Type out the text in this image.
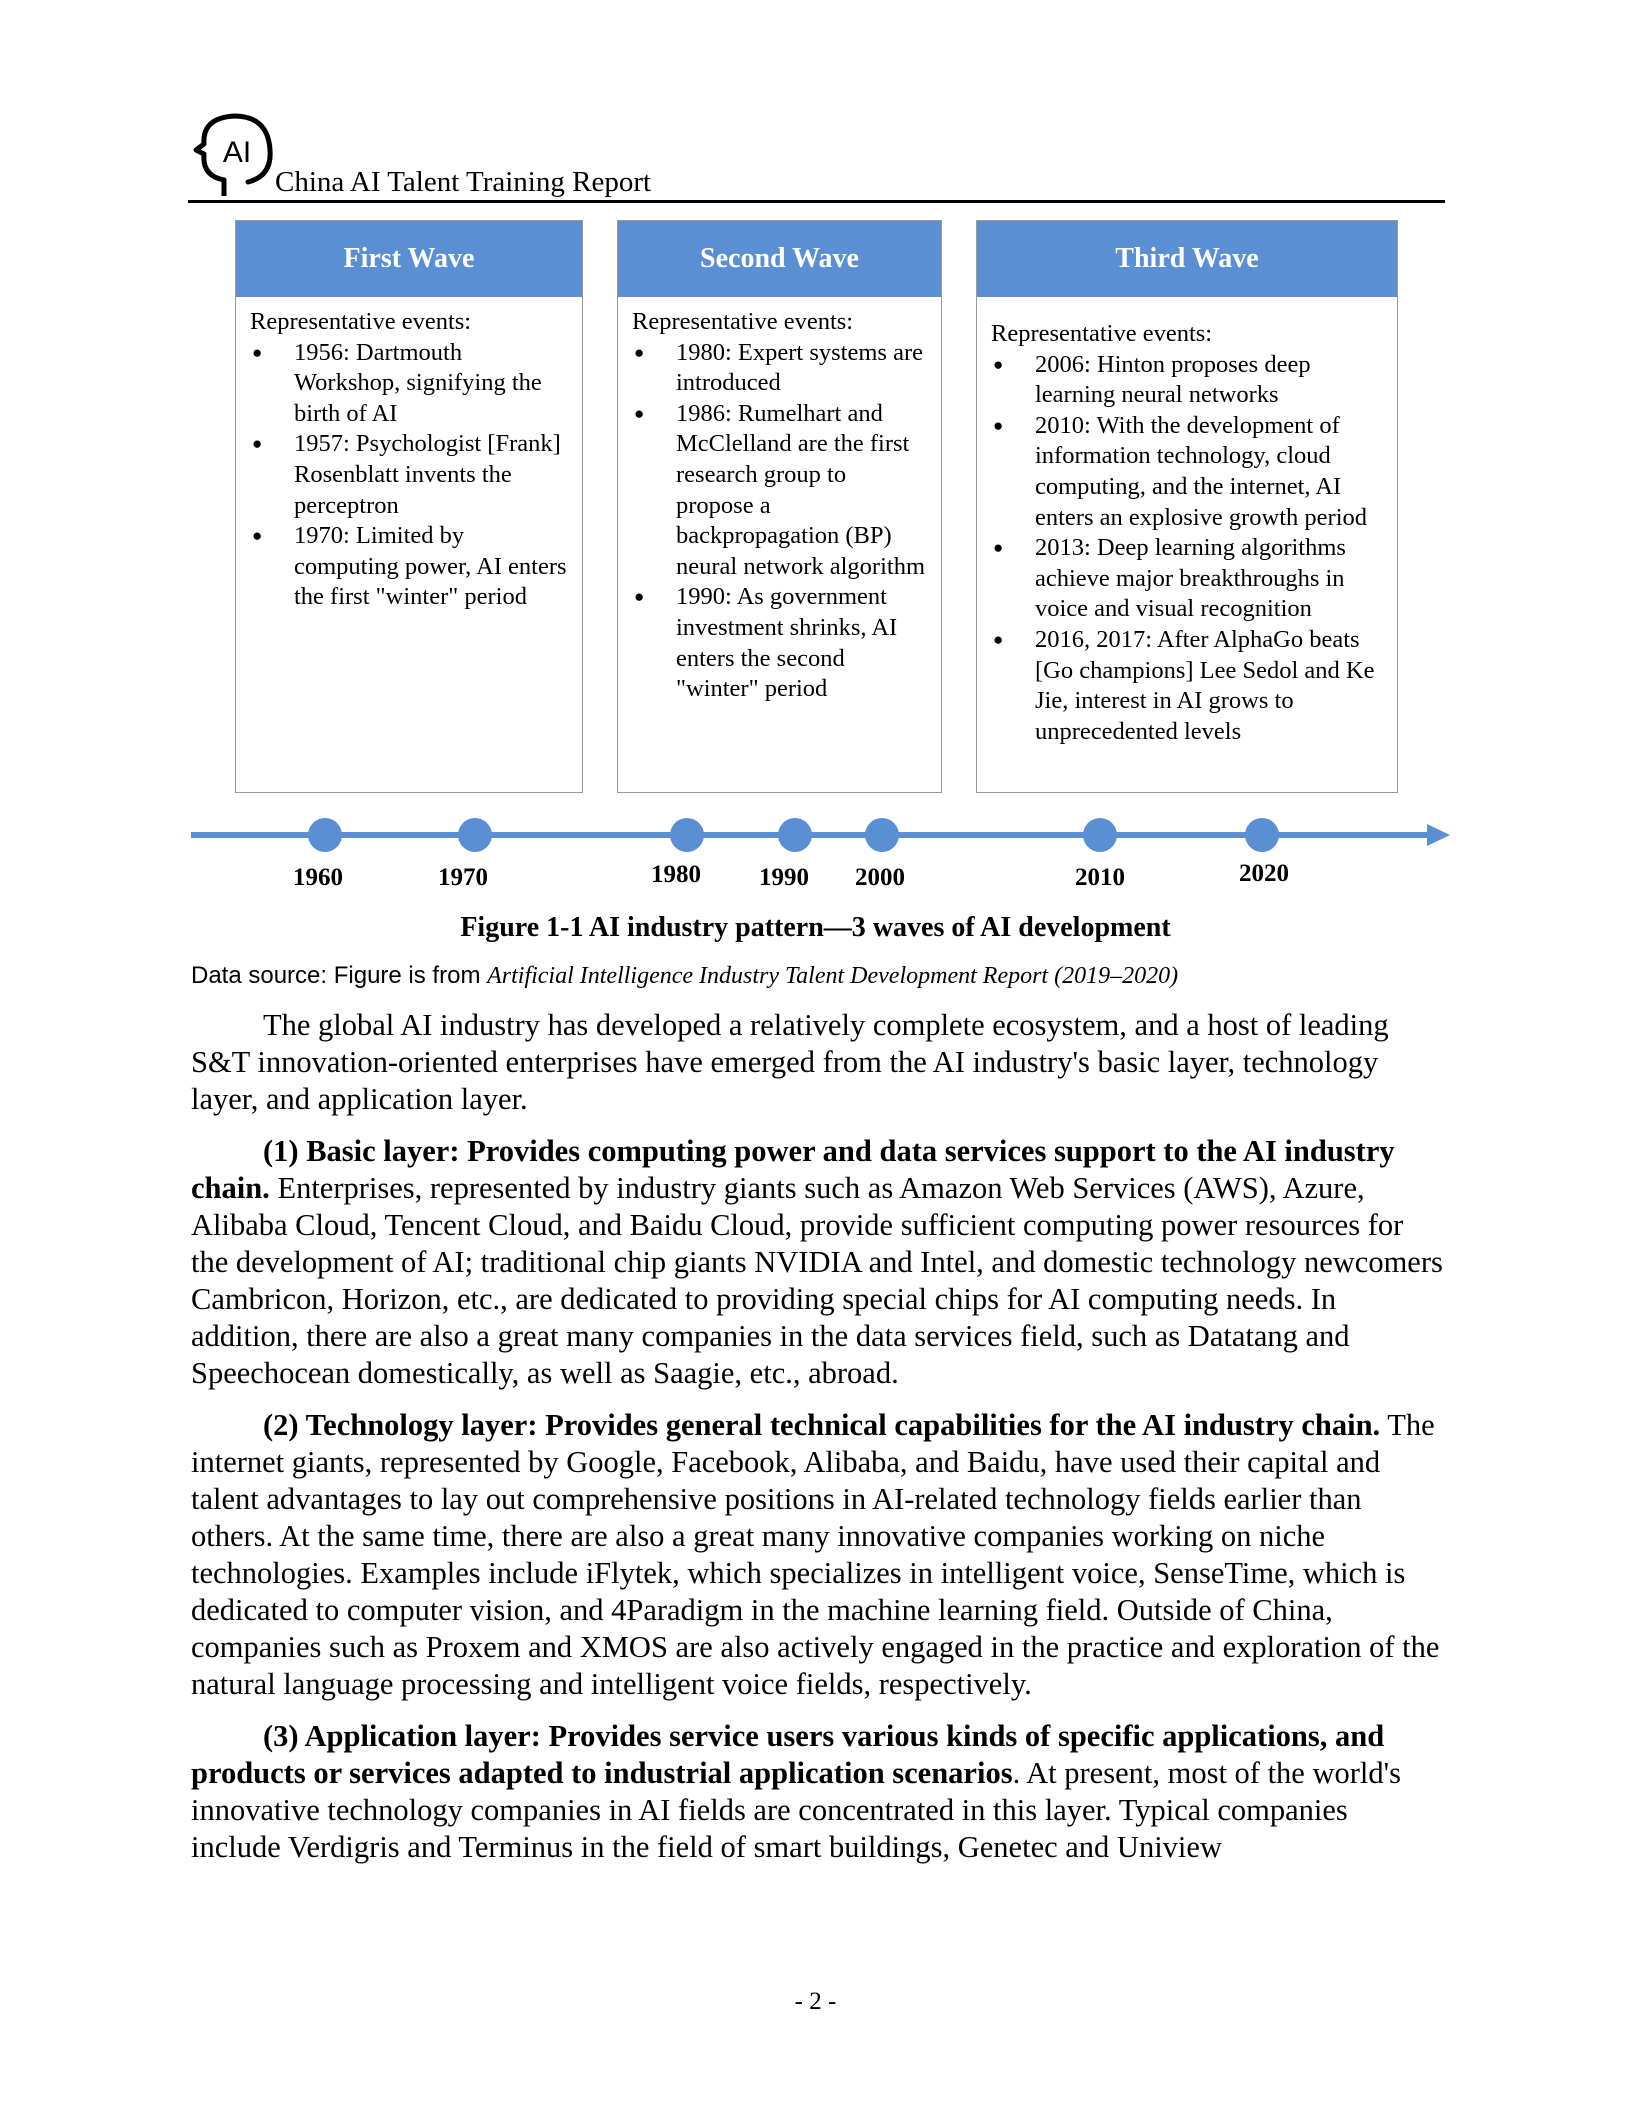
AI
China AI Talent Training Report
First Wave
Representative events:
● 1956: Dartmouth Workshop, signifying the birth of AI
● 1957: Psychologist [Frank] Rosenblatt invents the perceptron
● 1970: Limited by computing power, AI enters the first "winter" period
Second Wave
Representative events:
● 1980: Expert systems are introduced
● 1986: Rumelhart and McClelland are the first research group to propose a backpropagation (BP) neural network algorithm
● 1990: As government investment shrinks, AI enters the second "winter" period
Third Wave
Representative events:
● 2006: Hinton proposes deep learning neural networks
● 2010: With the development of information technology, cloud computing, and the internet, AI enters an explosive growth period
● 2013: Deep learning algorithms achieve major breakthroughs in voice and visual recognition
● 2016, 2017: After AlphaGo beats [Go champions] Lee Sedol and Ke Jie, interest in AI grows to unprecedented levels
1960	1970	1980 1990 2000	2010	2020
Figure 1-1 AI industry pattern—3 waves of AI development
Data source: Figure is from Artificial Intelligence Industry Talent Development Report (2019–2020)

The global AI industry has developed a relatively complete ecosystem, and a host of leading S&T innovation-oriented enterprises have emerged from the AI industry's basic layer, technology layer, and application layer.

(1) Basic layer: Provides computing power and data services support to the AI industry chain. Enterprises, represented by industry giants such as Amazon Web Services (AWS), Azure, Alibaba Cloud, Tencent Cloud, and Baidu Cloud, provide sufficient computing power resources for the development of AI; traditional chip giants NVIDIA and Intel, and domestic technology newcomers Cambricon, Horizon, etc., are dedicated to providing special chips for AI computing needs. In addition, there are also a great many companies in the data services field, such as Datatang and Speechocean domestically, as well as Saagie, etc., abroad.

(2) Technology layer: Provides general technical capabilities for the AI industry chain. The internet giants, represented by Google, Facebook, Alibaba, and Baidu, have used their capital and talent advantages to lay out comprehensive positions in AI-related technology fields earlier than others. At the same time, there are also a great many innovative companies working on niche technologies. Examples include iFlytek, which specializes in intelligent voice, SenseTime, which is dedicated to computer vision, and 4Paradigm in the machine learning field. Outside of China, companies such as Proxem and XMOS are also actively engaged in the practice and exploration of the natural language processing and intelligent voice fields, respectively.

(3) Application layer: Provides service users various kinds of specific applications, and products or services adapted to industrial application scenarios. At present, most of the world's innovative technology companies in AI fields are concentrated in this layer. Typical companies include Verdigris and Terminus in the field of smart buildings, Genetec and Uniview

- 2 -
